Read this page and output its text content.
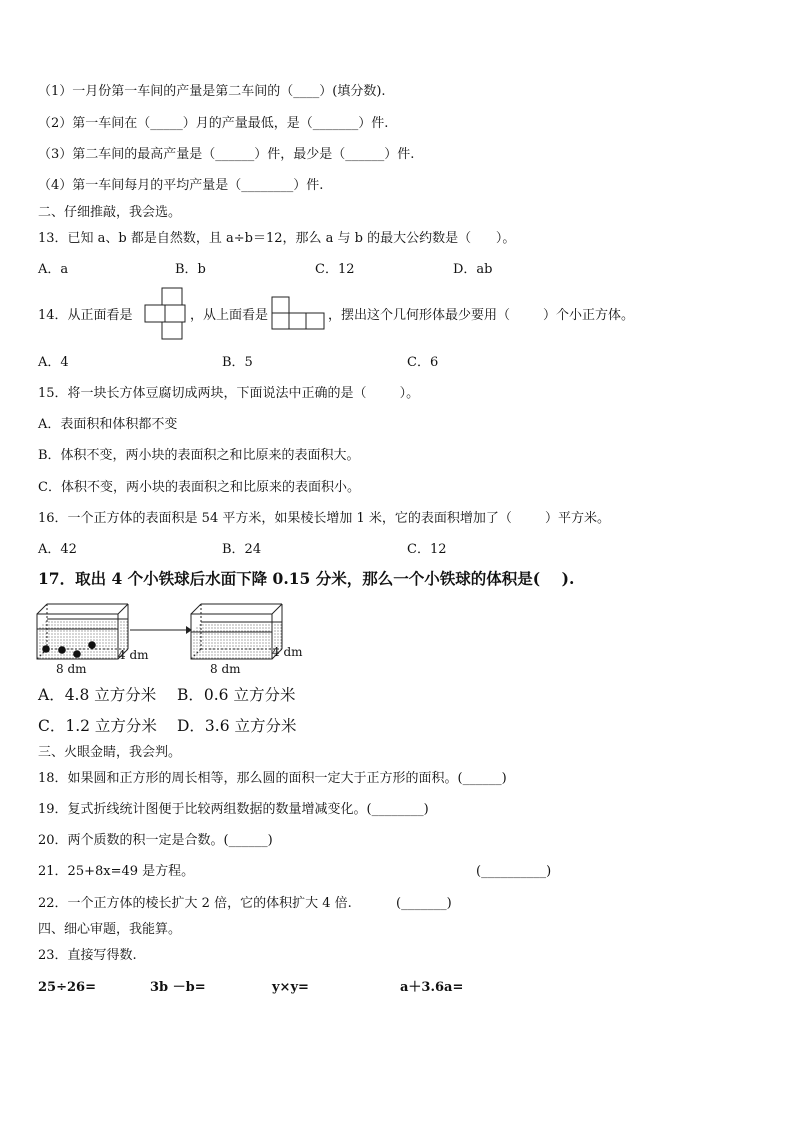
（1）一月份第一车间的产量是第二车间的（____）(填分数).
（2）第一车间在（_____）月的产量最低，是（_______）件.
（3）第二车间的最高产量是（______）件，最少是（______）件.
（4）第一车间每月的平均产量是（________）件.
二、仔细推敲，我会选。
13．已知 a、b 都是自然数，且 a÷b＝12，那么 a 与 b 的最大公约数是（      ）。
A．a	B．b	C．12	D．ab
14．从正面看是	，从上面看是	，摆出这个几何形体最少要用（        ）个小正方体。
A．4	B．5	C．6
15．将一块长方体豆腐切成两块，下面说法中正确的是（        ）。
A．表面积和体积都不变
B．体积不变，两小块的表面积之和比原来的表面积大。
C．体积不变，两小块的表面积之和比原来的表面积小。
16．一个正方体的表面积是 54 平方米，如果棱长增加 1 米，它的表面积增加了（        ）平方米。
A．42	B．24	C．12
17．取出 4 个小铁球后水面下降 0.15 分米，那么一个小铁球的体积是(    ).
8 dm
4 dm
8 dm
4 dm
A．4.8 立方分米 B．0.6 立方分米
C．1.2 立方分米 D．3.6 立方分米
三、火眼金睛，我会判。
18．如果圆和正方形的周长相等，那么圆的面积一定大于正方形的面积。(______)
19．复式折线统计图便于比较两组数据的数量增减变化。(________)
20．两个质数的积一定是合数。(______)
21．25+8x=49 是方程。	(__________)
22．一个正方体的棱长扩大 2 倍，它的体积扩大 4 倍.	(_______)
四、细心审题，我能算。
23．直接写得数.
25÷26=	3b －b=	y×y=	a＋3.6a=
